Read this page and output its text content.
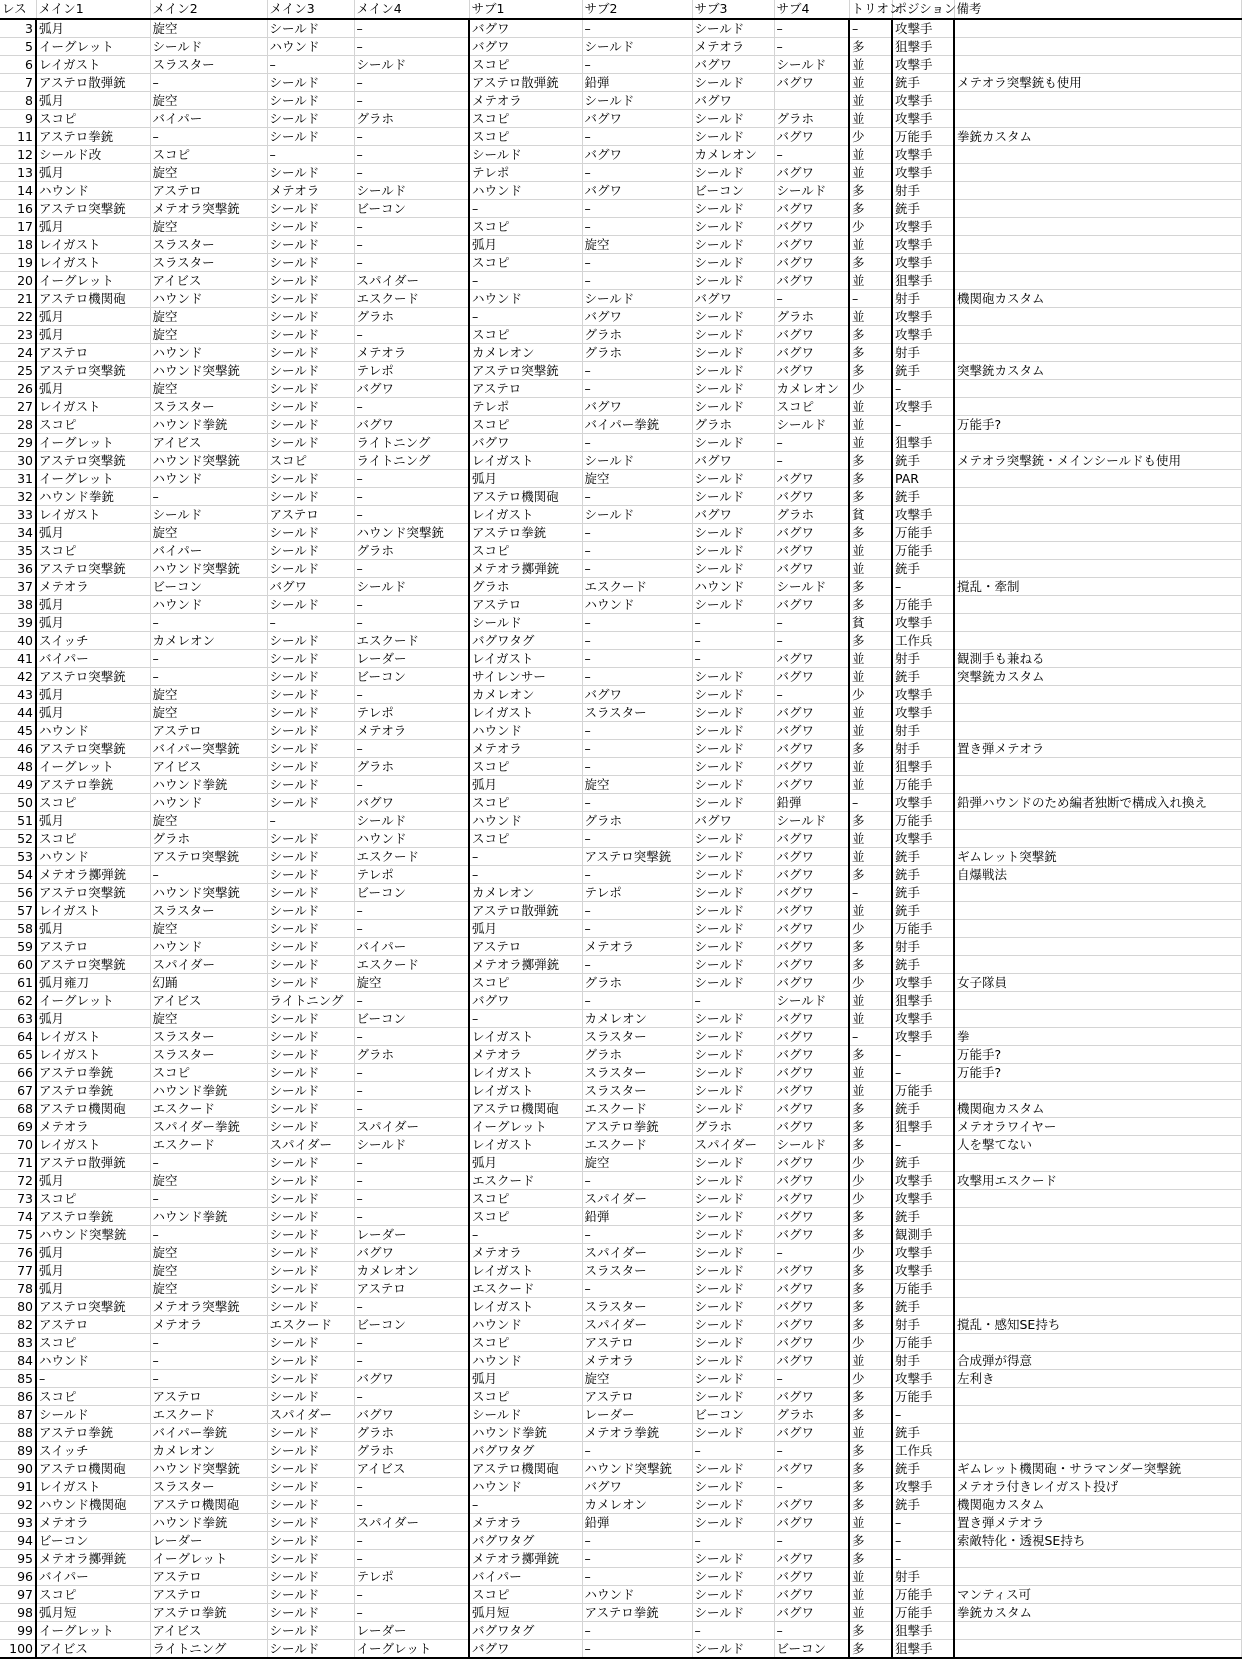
レス	メイン1	メイン2	メイン3	メイン4	サブ1	サブ2	サブ3	サブ4	トリオン	ポジション	備考
3	弧月	旋空	シールド	–	バグワ	–	シールド	–	–	攻撃手	
5	イーグレット	シールド	ハウンド	–	バグワ	シールド	メテオラ	–	多	狙撃手	
6	レイガスト	スラスター	–	シールド	スコピ	–	バグワ	シールド	並	攻撃手	
7	アステロ散弾銃	–	シールド	–	アステロ散弾銃	鉛弾	シールド	バグワ	並	銃手	メテオラ突撃銃も使用
8	弧月	旋空	シールド	–	メテオラ	シールド	バグワ		並	攻撃手	
9	スコピ	バイパー	シールド	グラホ	スコピ	バグワ	シールド	グラホ	並	攻撃手	
11	アステロ拳銃	–	シールド	–	スコピ	–	シールド	バグワ	少	万能手	拳銃カスタム
12	シールド改	スコピ	–	–	シールド	バグワ	カメレオン	–	並	攻撃手	
13	弧月	旋空	シールド	–	テレポ	–	シールド	バグワ	並	攻撃手	
14	ハウンド	アステロ	メテオラ	シールド	ハウンド	バグワ	ビーコン	シールド	多	射手	
16	アステロ突撃銃	メテオラ突撃銃	シールド	ビーコン	–	–	シールド	バグワ	多	銃手	
17	弧月	旋空	シールド	–	スコピ	–	シールド	バグワ	少	攻撃手	
18	レイガスト	スラスター	シールド	–	弧月	旋空	シールド	バグワ	並	攻撃手	
19	レイガスト	スラスター	シールド	–	スコピ	–	シールド	バグワ	多	攻撃手	
20	イーグレット	アイビス	シールド	スパイダー	–	–	シールド	バグワ	並	狙撃手	
21	アステロ機関砲	ハウンド	シールド	エスクード	ハウンド	シールド	バグワ	–	–	射手	機関砲カスタム
22	弧月	旋空	シールド	グラホ	–	バグワ	シールド	グラホ	並	攻撃手	
23	弧月	旋空	シールド	–	スコピ	グラホ	シールド	バグワ	多	攻撃手	
24	アステロ	ハウンド	シールド	メテオラ	カメレオン	グラホ	シールド	バグワ	多	射手	
25	アステロ突撃銃	ハウンド突撃銃	シールド	テレポ	アステロ突撃銃	–	シールド	バグワ	多	銃手	突撃銃カスタム
26	弧月	旋空	シールド	バグワ	アステロ	–	シールド	カメレオン	少	–	
27	レイガスト	スラスター	シールド	–	テレポ	バグワ	シールド	スコピ	並	攻撃手	
28	スコピ	ハウンド拳銃	シールド	バグワ	スコピ	バイパー拳銃	グラホ	シールド	並	–	万能手?
29	イーグレット	アイビス	シールド	ライトニング	バグワ	–	シールド	–	並	狙撃手	
30	アステロ突撃銃	ハウンド突撃銃	スコピ	ライトニング	レイガスト	シールド	バグワ	–	多	銃手	メテオラ突撃銃・メインシールドも使用
31	イーグレット	ハウンド	シールド	–	弧月	旋空	シールド	バグワ	多	PAR	
32	ハウンド拳銃	–	シールド	–	アステロ機関砲	–	シールド	バグワ	多	銃手	
33	レイガスト	シールド	アステロ	–	レイガスト	シールド	バグワ	グラホ	貧	攻撃手	
34	弧月	旋空	シールド	ハウンド突撃銃	アステロ拳銃	–	シールド	バグワ	多	万能手	
35	スコピ	バイパー	シールド	グラホ	スコピ	–	シールド	バグワ	並	万能手	
36	アステロ突撃銃	ハウンド突撃銃	シールド	–	メテオラ擲弾銃	–	シールド	バグワ	並	銃手	
37	メテオラ	ビーコン	バグワ	シールド	グラホ	エスクード	ハウンド	シールド	多	–	撹乱・牽制
38	弧月	ハウンド	シールド	–	アステロ	ハウンド	シールド	バグワ	多	万能手	
39	弧月	–	–	–	シールド	–	–	–	貧	攻撃手	
40	スイッチ	カメレオン	シールド	エスクード	バグワタグ	–	–	–	多	工作兵	
41	バイパー	–	シールド	レーダー	レイガスト	–	–	バグワ	並	射手	観測手も兼ねる
42	アステロ突撃銃	–	シールド	ビーコン	サイレンサー	–	シールド	バグワ	並	銃手	突撃銃カスタム
43	弧月	旋空	シールド	–	カメレオン	バグワ	シールド	–	少	攻撃手	
44	弧月	旋空	シールド	テレポ	レイガスト	スラスター	シールド	バグワ	並	攻撃手	
45	ハウンド	アステロ	シールド	メテオラ	ハウンド	–	シールド	バグワ	並	射手	
46	アステロ突撃銃	バイパー突撃銃	シールド	–	メテオラ	–	シールド	バグワ	多	射手	置き弾メテオラ
48	イーグレット	アイビス	シールド	グラホ	スコピ	–	シールド	バグワ	並	狙撃手	
49	アステロ拳銃	ハウンド拳銃	シールド	–	弧月	旋空	シールド	バグワ	並	万能手	
50	スコピ	ハウンド	シールド	バグワ	スコピ	–	シールド	鉛弾	–	攻撃手	鉛弾ハウンドのため編者独断で構成入れ換え
51	弧月	旋空	–	シールド	ハウンド	グラホ	バグワ	シールド	多	万能手	
52	スコピ	グラホ	シールド	ハウンド	スコピ	–	シールド	バグワ	並	攻撃手	
53	ハウンド	アステロ突撃銃	シールド	エスクード	–	アステロ突撃銃	シールド	バグワ	並	銃手	ギムレット突撃銃
54	メテオラ擲弾銃	–	シールド	テレポ	–	–	シールド	バグワ	多	銃手	自爆戦法
56	アステロ突撃銃	ハウンド突撃銃	シールド	ビーコン	カメレオン	テレポ	シールド	バグワ	–	銃手	
57	レイガスト	スラスター	シールド	–	アステロ散弾銃	–	シールド	バグワ	並	銃手	
58	弧月	旋空	シールド	–	弧月	–	シールド	バグワ	少	万能手	
59	アステロ	ハウンド	シールド	バイパー	アステロ	メテオラ	シールド	バグワ	多	射手	
60	アステロ突撃銃	スパイダー	シールド	エスクード	メテオラ擲弾銃	–	シールド	バグワ	多	銃手	
61	弧月雍刀	幻踊	シールド	旋空	スコピ	グラホ	シールド	バグワ	少	攻撃手	女子隊員
62	イーグレット	アイビス	ライトニング	–	バグワ	–	–	シールド	並	狙撃手	
63	弧月	旋空	シールド	ビーコン	–	カメレオン	シールド	バグワ	並	攻撃手	
64	レイガスト	スラスター	シールド	–	レイガスト	スラスター	シールド	バグワ	–	攻撃手	拳
65	レイガスト	スラスター	シールド	グラホ	メテオラ	グラホ	シールド	バグワ	多	–	万能手?
66	アステロ拳銃	スコピ	シールド	–	レイガスト	スラスター	シールド	バグワ	並	–	万能手?
67	アステロ拳銃	ハウンド拳銃	シールド	–	レイガスト	スラスター	シールド	バグワ	並	万能手	
68	アステロ機関砲	エスクード	シールド	–	アステロ機関砲	エスクード	シールド	バグワ	多	銃手	機関砲カスタム
69	メテオラ	スパイダー拳銃	シールド	スパイダー	イーグレット	アステロ拳銃	グラホ	バグワ	多	狙撃手	メテオラワイヤー
70	レイガスト	エスクード	スパイダー	シールド	レイガスト	エスクード	スパイダー	シールド	多	–	人を撃てない
71	アステロ散弾銃	–	シールド	–	弧月	旋空	シールド	バグワ	少	銃手	
72	弧月	旋空	シールド	–	エスクード	–	シールド	バグワ	少	攻撃手	攻撃用エスクード
73	スコピ	–	シールド	–	スコピ	スパイダー	シールド	バグワ	少	攻撃手	
74	アステロ拳銃	ハウンド拳銃	シールド	–	スコピ	鉛弾	シールド	バグワ	多	銃手	
75	ハウンド突撃銃	–	シールド	レーダー	–	–	シールド	バグワ	多	観測手	
76	弧月	旋空	シールド	バグワ	メテオラ	スパイダー	シールド	–	少	攻撃手	
77	弧月	旋空	シールド	カメレオン	レイガスト	スラスター	シールド	バグワ	多	攻撃手	
78	弧月	旋空	シールド	アステロ	エスクード	–	シールド	バグワ	多	万能手	
80	アステロ突撃銃	メテオラ突撃銃	シールド	–	レイガスト	スラスター	シールド	バグワ	多	銃手	
82	アステロ	メテオラ	エスクード	ビーコン	ハウンド	スパイダー	シールド	バグワ	多	射手	撹乱・感知SE持ち
83	スコピ	–	シールド	–	スコピ	アステロ	シールド	バグワ	少	万能手	
84	ハウンド	–	シールド	–	ハウンド	メテオラ	シールド	バグワ	並	射手	合成弾が得意
85	–	–	シールド	バグワ	弧月	旋空	シールド	–	少	攻撃手	左利き
86	スコピ	アステロ	シールド	–	スコピ	アステロ	シールド	バグワ	多	万能手	
87	シールド	エスクード	スパイダー	バグワ	シールド	レーダー	ビーコン	グラホ	多	–	
88	アステロ拳銃	バイパー拳銃	シールド	グラホ	ハウンド拳銃	メテオラ拳銃	シールド	バグワ	並	銃手	
89	スイッチ	カメレオン	シールド	グラホ	バグワタグ	–	–	–	多	工作兵	
90	アステロ機関砲	ハウンド突撃銃	シールド	アイビス	アステロ機関砲	ハウンド突撃銃	シールド	バグワ	多	銃手	ギムレット機関砲・サラマンダー突撃銃
91	レイガスト	スラスター	シールド	–	ハウンド	バグワ	シールド	–	多	攻撃手	メテオラ付きレイガスト投げ
92	ハウンド機関砲	アステロ機関砲	シールド	–	–	カメレオン	シールド	バグワ	多	銃手	機関砲カスタム
93	メテオラ	ハウンド拳銃	シールド	スパイダー	メテオラ	鉛弾	シールド	バグワ	並	–	置き弾メテオラ
94	ビーコン	レーダー	シールド	–	バグワタグ	–	–	–	多	–	索敵特化・透視SE持ち
95	メテオラ擲弾銃	イーグレット	シールド	–	メテオラ擲弾銃	–	シールド	バグワ	多	–	
96	バイパー	アステロ	シールド	テレポ	バイパー	–	シールド	バグワ	並	射手	
97	スコピ	アステロ	シールド	–	スコピ	ハウンド	シールド	バグワ	並	万能手	マンティス可
98	弧月短	アステロ拳銃	シールド	–	弧月短	アステロ拳銃	シールド	バグワ	並	万能手	拳銃カスタム
99	イーグレット	アイビス	シールド	レーダー	バグワタグ	–	–	–	多	狙撃手	
100	アイビス	ライトニング	シールド	イーグレット	バグワ	–	シールド	ビーコン	多	狙撃手	
